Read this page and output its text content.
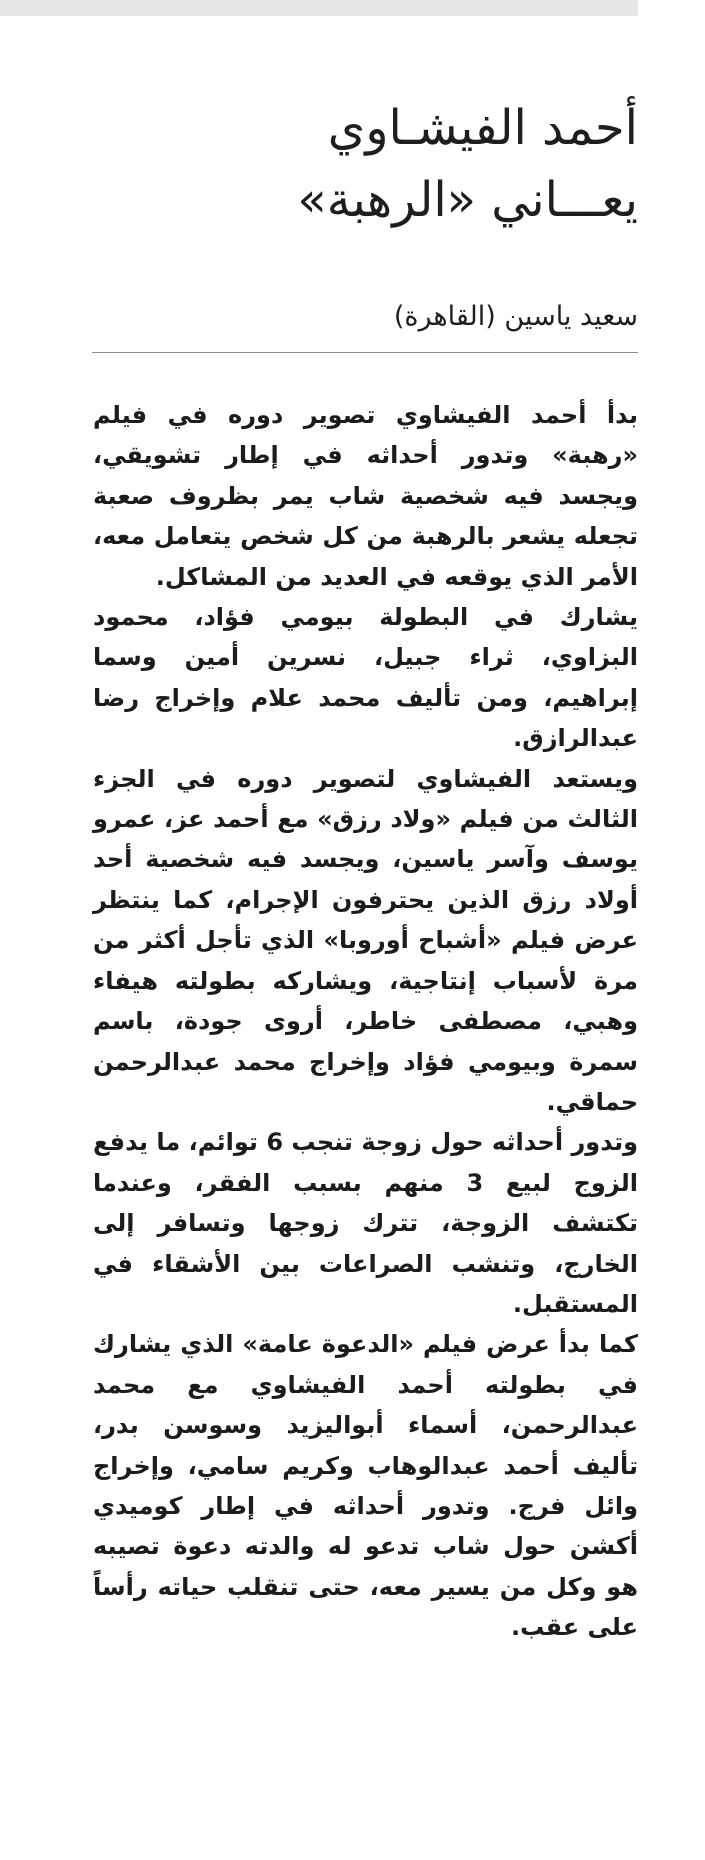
أحمد الفيشـاوي
يعـــاني «الرهبة»
سعيد ياسين (القاهرة)

بدأ أحمد الفيشاوي تصوير دوره في فيلم «رهبة» وتدور أحداثه في إطار تشويقي، ويجسد فيه شخصية شاب يمر بظروف صعبة تجعله يشعر بالرهبة من كل شخص يتعامل معه، الأمر الذي يوقعه في العديد من المشاكل.

يشارك في البطولة بيومي فؤاد، محمود البزاوي، ثراء جبيل، نسرين أمين وسما إبراهيم، ومن تأليف محمد علام وإخراج رضا عبدالرازق.

ويستعد الفيشاوي لتصوير دوره في الجزء الثالث من فيلم «ولاد رزق» مع أحمد عز، عمرو يوسف وآسر ياسين، ويجسد فيه شخصية أحد أولاد رزق الذين يحترفون الإجرام، كما ينتظر عرض فيلم «أشباح أوروبا» الذي تأجل أكثر من مرة لأسباب إنتاجية، ويشاركه بطولته هيفاء وهبي، مصطفى خاطر، أروى جودة، باسم سمرة وبيومي فؤاد وإخراج محمد عبدالرحمن حماقي.

وتدور أحداثه حول زوجة تنجب 6 توائم، ما يدفع الزوج لبيع 3 منهم بسبب الفقر، وعندما تكتشف الزوجة، تترك زوجها وتسافر إلى الخارج، وتنشب الصراعات بين الأشقاء في المستقبل.

كما بدأ عرض فيلم «الدعوة عامة» الذي يشارك في بطولته أحمد الفيشاوي مع محمد عبدالرحمن، أسماء أبواليزيد وسوسن بدر، تأليف أحمد عبدالوهاب وكريم سامي، وإخراج وائل فرج. وتدور أحداثه في إطار كوميدي أكشن حول شاب تدعو له والدته دعوة تصيبه هو وكل من يسير معه، حتى تنقلب حياته رأساً على عقب.
